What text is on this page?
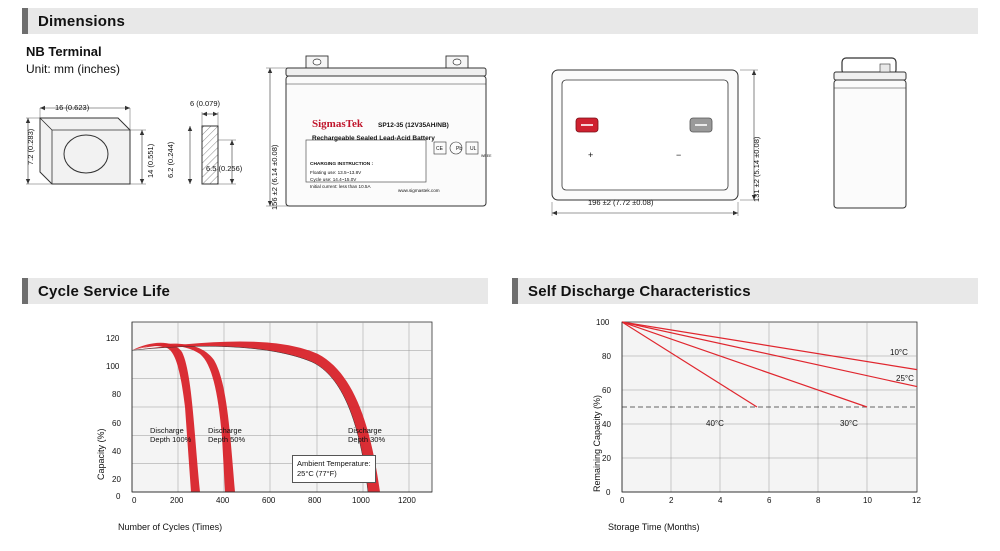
Dimensions
NB Terminal
Unit: mm (inches)
16 (0.623)
7.2 (0.283)	14 (0.551)
6 (0.079)
6.2 (0.244)	6.5 (0.256)	156 ±2 (6.14 ±0.08)
SigmasTek SP12-35 (12V35AH/NB)
Rechargeable Sealed Lead-Acid Battery
CHARGING INSTRUCTION :
Floating use: 13.5~13.8V
Cycle use: 14.4~15.0V
Initial current: less than 10.5A
www.sigmastek.com
CE	Pb UL
WEEE
196 ±2 (7.72 ±0.08)
131 ±2 (5.14 ±0.08)
+	−
Cycle Service Life
120
100
80
60
40
20
0 0	200	400	600	800	1000	1200
Number of Cycles (Times)
Capacity (%)	Discharge
Depth 100%
Discharge
Depth 50%
Discharge
Depth 30%
Ambient Temperature:
25°C (77°F)
Self Discharge Characteristics
100
80
60
40
20
0
0	2	4	6	8	10	12
Storage Time (Months)
Remaining Capacity (%)
10°C
25°C
40°C	30°C
